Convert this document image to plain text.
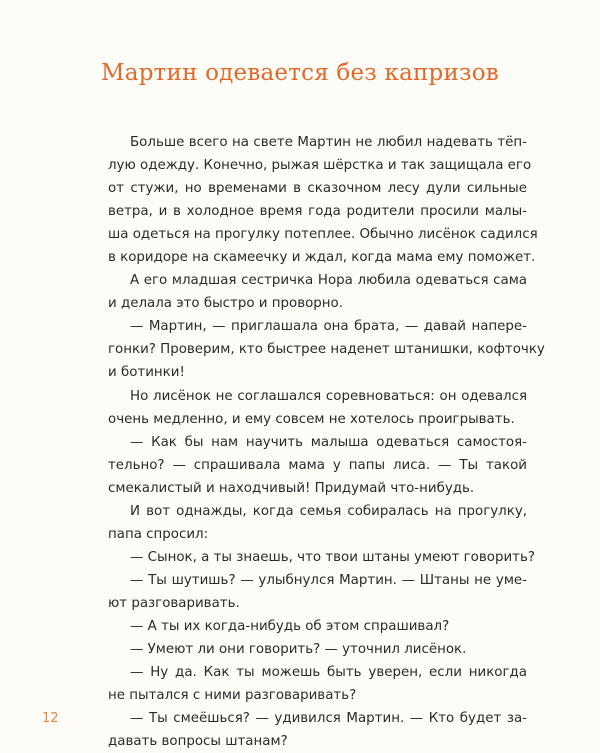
Мартин одевается без капризов
Больше всего на свете Мартин не любил надевать тёп-
лую одежду. Конечно, рыжая шёрстка и так защищала его
от стужи, но временами в сказочном лесу дули сильные
ветра, и в холодное время года родители просили малы-
ша одеться на прогулку потеплее. Обычно лисёнок садился
в коридоре на скамеечку и ждал, когда мама ему поможет.
А его младшая сестричка Нора любила одеваться сама
и делала это быстро и проворно.
— Мартин, — приглашала она брата, — давай напере-
гонки? Проверим, кто быстрее наденет штанишки, кофточку
и ботинки!
Но лисёнок не соглашался соревноваться: он одевался
очень медленно, и ему совсем не хотелось проигрывать.
— Как бы нам научить малыша одеваться самостоя-
тельно? — спрашивала мама у папы лиса. — Ты такой
смекалистый и находчивый! Придумай что-нибудь.
И вот однажды, когда семья собиралась на прогулку,
папа спросил:
— Сынок, а ты знаешь, что твои штаны умеют говорить?
— Ты шутишь? — улыбнулся Мартин. — Штаны не уме-
ют разговаривать.
— А ты их когда-нибудь об этом спрашивал?
— Умеют ли они говорить? — уточнил лисёнок.
— Ну да. Как ты можешь быть уверен, если никогда
не пытался с ними разговаривать?
— Ты смеёшься? — удивился Мартин. — Кто будет за-
давать вопросы штанам?
12
